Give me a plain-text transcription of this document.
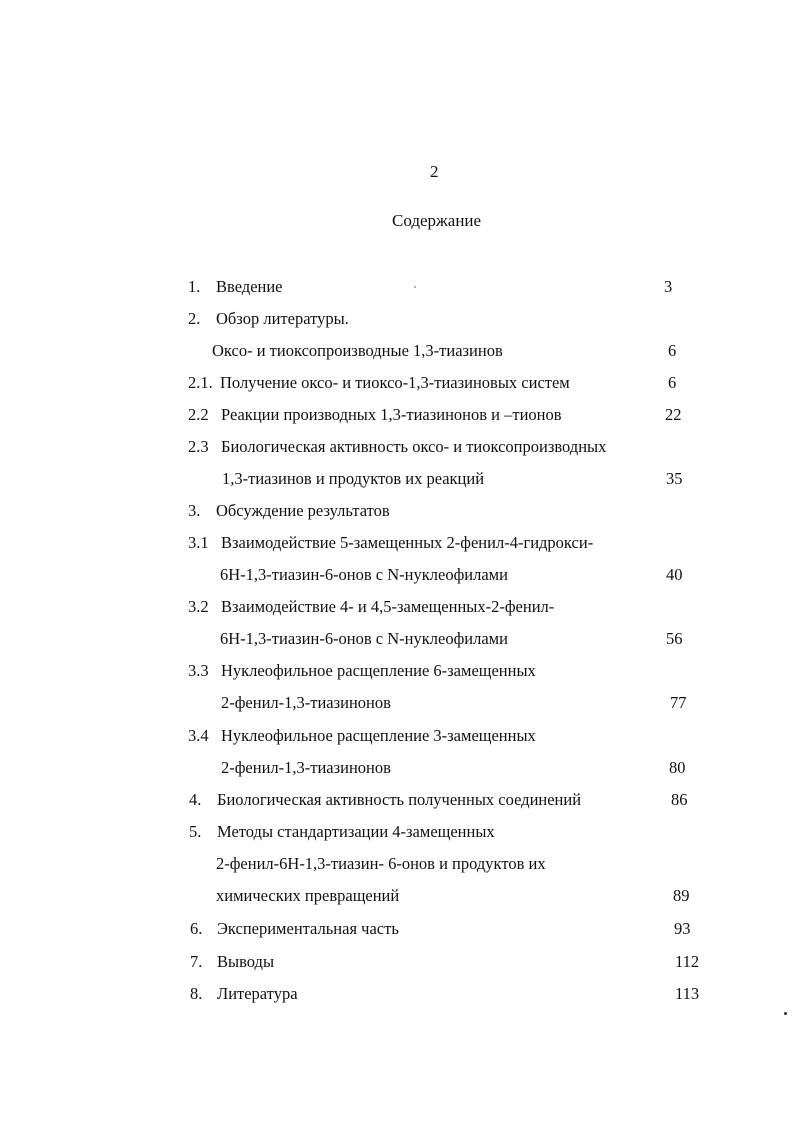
2
Содержание
1. Введение	3
2. Обзор литературы.
Оксо- и тиоксопроизводные 1,3-тиазинов	6
2.1. Получение оксо- и тиоксо-1,3-тиазиновых систем	6
2.2 Реакции производных 1,3-тиазинонов и –тионов	22
2.3 Биологическая активность оксо- и тиоксопроизводных
1,3-тиазинов и продуктов их реакций	35
3. Обсуждение результатов
3.1 Взаимодействие 5-замещенных 2-фенил-4-гидрокси-
6Н-1,3-тиазин-6-онов с N-нуклеофилами	40
3.2 Взаимодействие 4- и 4,5-замещенных-2-фенил-
6Н-1,3-тиазин-6-онов с N-нуклеофилами	56
3.3 Нуклеофильное расщепление 6-замещенных
2-фенил-1,3-тиазинонов	77
3.4 Нуклеофильное расщепление 3-замещенных
2-фенил-1,3-тиазинонов	80
4. Биологическая активность полученных соединений	86
5. Методы стандартизации 4-замещенных
2-фенил-6Н-1,3-тиазин- 6-онов и продуктов их
химических превращений	89
6. Экспериментальная часть	93
7. Выводы	112
8. Литература	113
